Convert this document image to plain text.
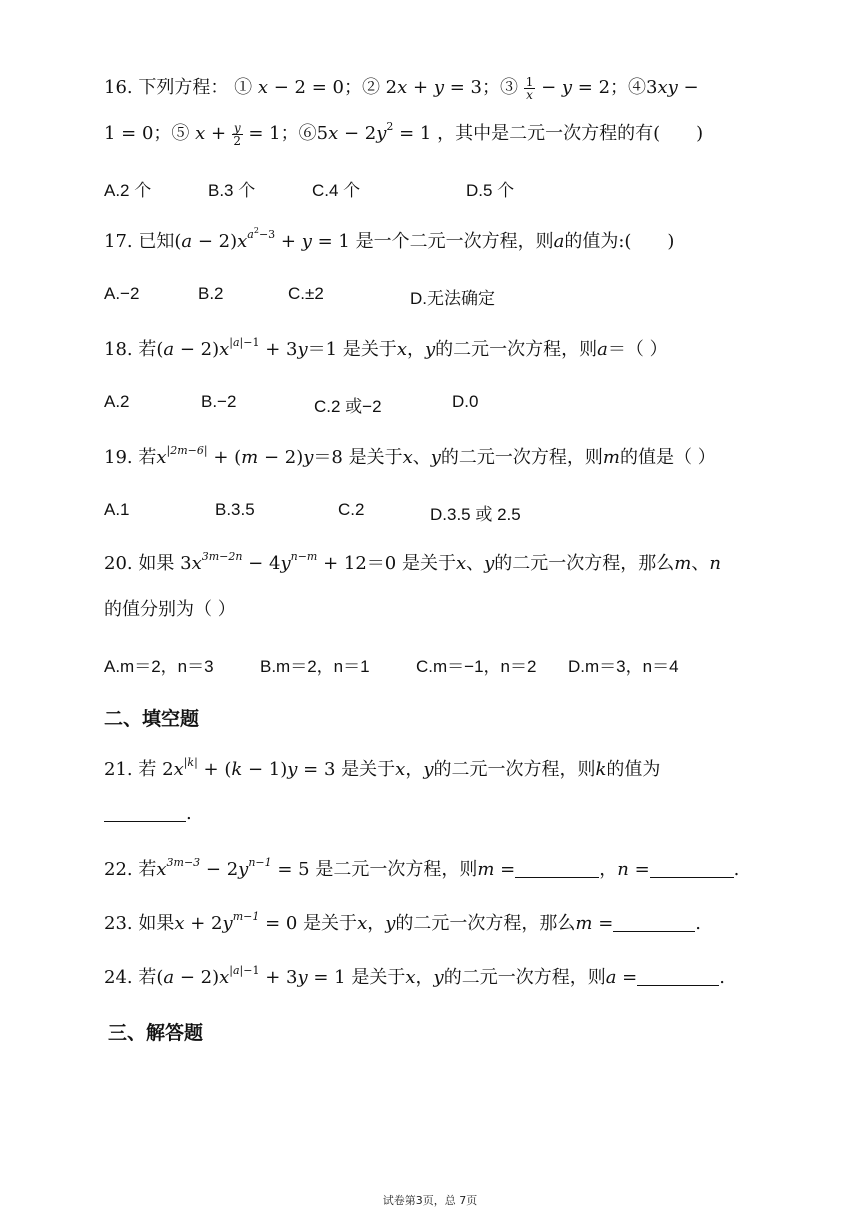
16. 下列方程： ① x − 2 = 0；② 2x + y = 3；③ $\frac{1}{x} - y = 2$；④3xy −
1 = 0；⑤ $x + \frac{y}{2} = 1$；⑥5x − $2y^2 = 1$ ，其中是二元一次方程的有(　　)
A.2 个	B.3 个	C.4 个	D.5 个
17. 已知$(a - 2)x^{a^2-3} + y = 1$ 是一个二元一次方程，则a的值为:(　　)
A.−2	B.2	C.±2	D.无法确定
18. 若$(a - 2)x^{|a|-1} + 3y=1$ 是关于x，y的二元一次方程，则a＝（ ）
A.2	B.−2	C.2 或−2	D.0
19. 若$x^{|2m-6|} + (m - 2)y=8$ 是关于x、y的二元一次方程，则m的值是（ ）
A.1	B.3.5	C.2	D.3.5 或 2.5
20. 如果 $3x^{3m-2n} - 4y^{n-m} + 12=0$ 是关于x、y的二元一次方程，那么m、n
的值分别为（ ）
A.m＝2，n＝3	B.m＝2，n＝1	C.m＝−1，n＝2 D.m＝3，n＝4
二、填空题
21. 若 $2x^{|k|} + (k - 1)y = 3$ 是关于x，y的二元一次方程，则k的值为
.
22. 若$x^{3m-3} - 2y^{n-1} = 5$ 是二元一次方程，则m =	，n =	.
23. 如果$x + 2y^{m-1} = 0$ 是关于x，y的二元一次方程，那么m =	.
24. 若$(a - 2)x^{|a|-1} + 3y = 1$ 是关于x，y的二元一次方程，则a =	.
三、解答题
试卷第3页，总 7页
